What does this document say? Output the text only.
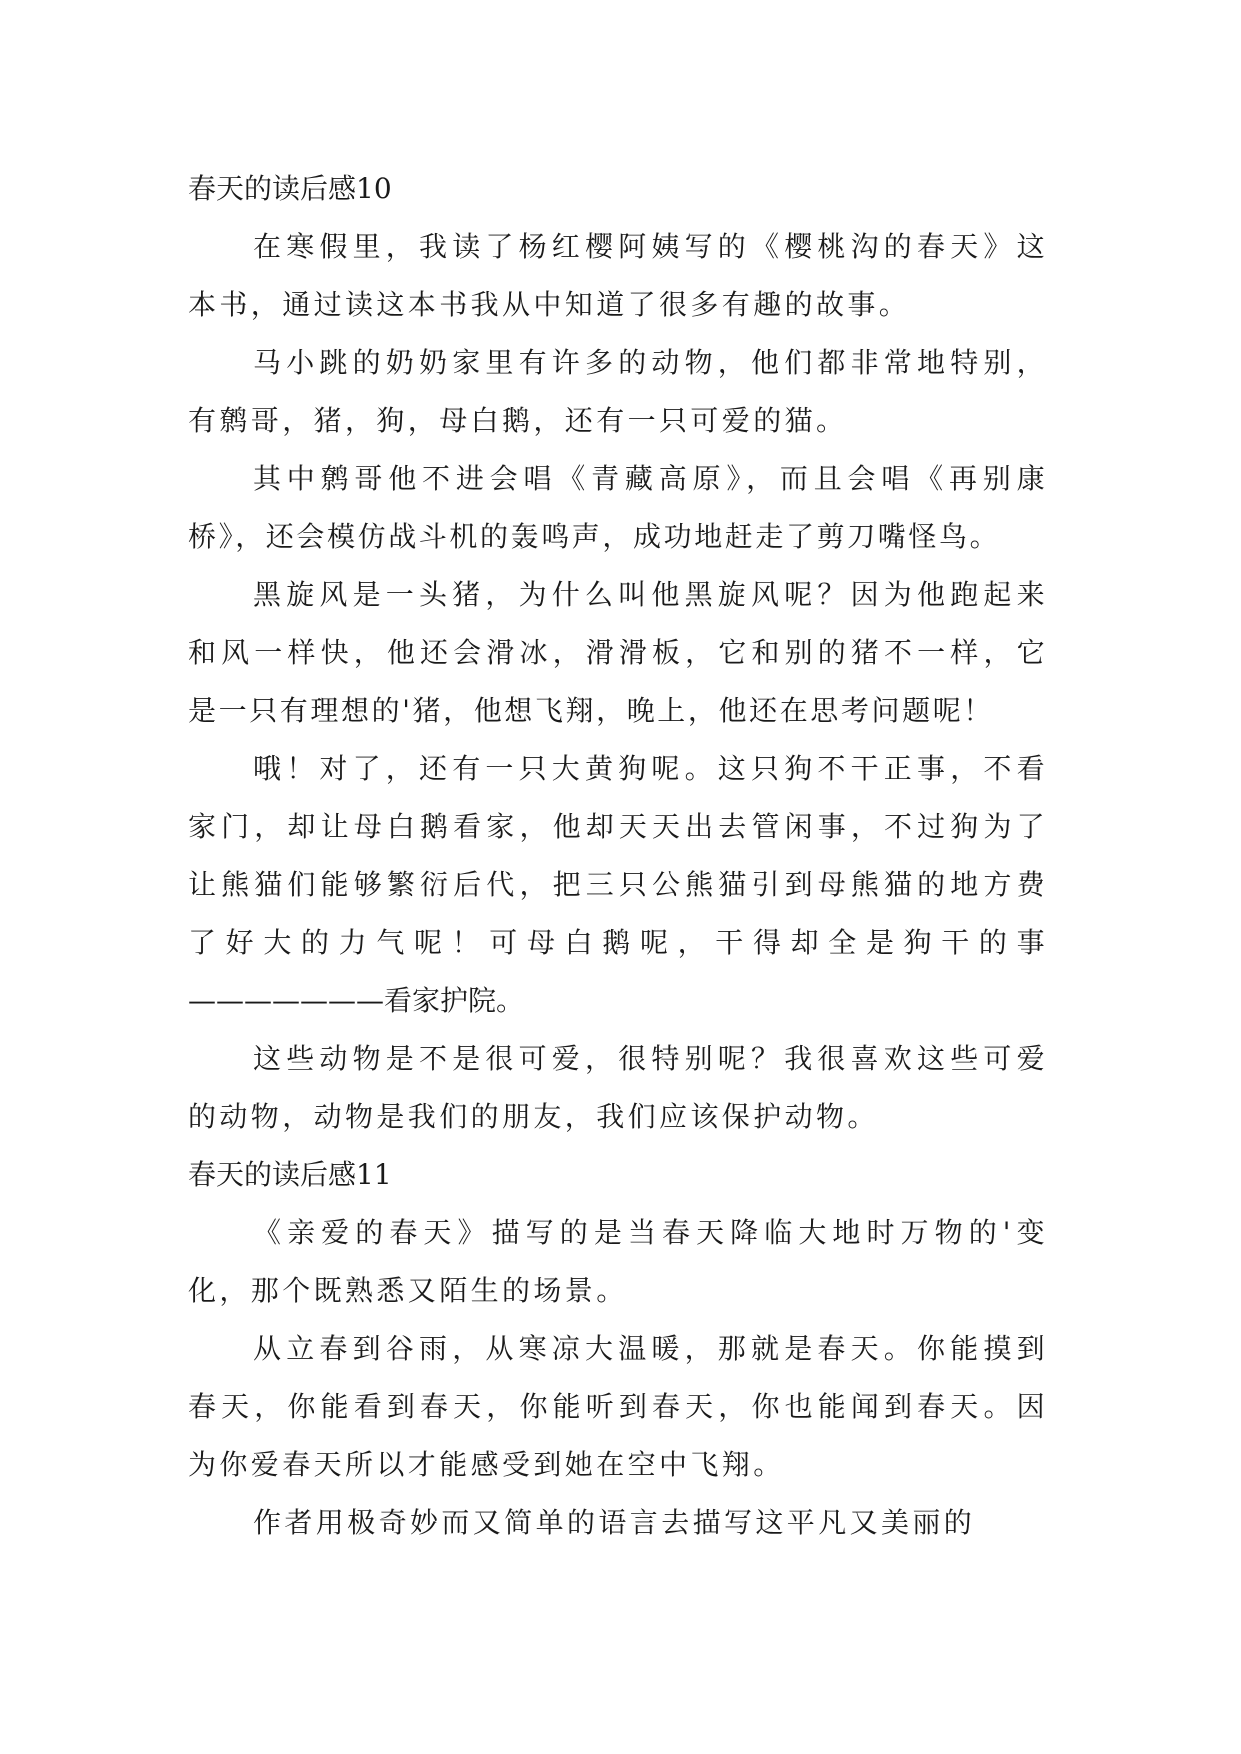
春天的读后感10

在寒假里，我读了杨红樱阿姨写的《樱桃沟的春天》这
本书，通过读这本书我从中知道了很多有趣的故事。

马小跳的奶奶家里有许多的动物，他们都非常地特别，
有鹩哥，猪，狗，母白鹅，还有一只可爱的猫。

其中鹩哥他不进会唱《青藏高原》，而且会唱《再别康
桥》，还会模仿战斗机的轰鸣声，成功地赶走了剪刀嘴怪鸟。

黑旋风是一头猪，为什么叫他黑旋风呢？因为他跑起来
和风一样快，他还会滑冰，滑滑板，它和别的猪不一样，它
是一只有理想的'猪，他想飞翔，晚上，他还在思考问题呢！

哦！对了，还有一只大黄狗呢。这只狗不干正事，不看
家门，却让母白鹅看家，他却天天出去管闲事，不过狗为了
让熊猫们能够繁衍后代，把三只公熊猫引到母熊猫的地方费
了好大的力气呢！可母白鹅呢，干得却全是狗干的事
———————看家护院。

这些动物是不是很可爱，很特别呢？我很喜欢这些可爱
的动物，动物是我们的朋友，我们应该保护动物。

春天的读后感11

《亲爱的春天》描写的是当春天降临大地时万物的'变
化，那个既熟悉又陌生的场景。

从立春到谷雨，从寒凉大温暖，那就是春天。你能摸到
春天，你能看到春天，你能听到春天，你也能闻到春天。因
为你爱春天所以才能感受到她在空中飞翔。

作者用极奇妙而又简单的语言去描写这平凡又美丽的
